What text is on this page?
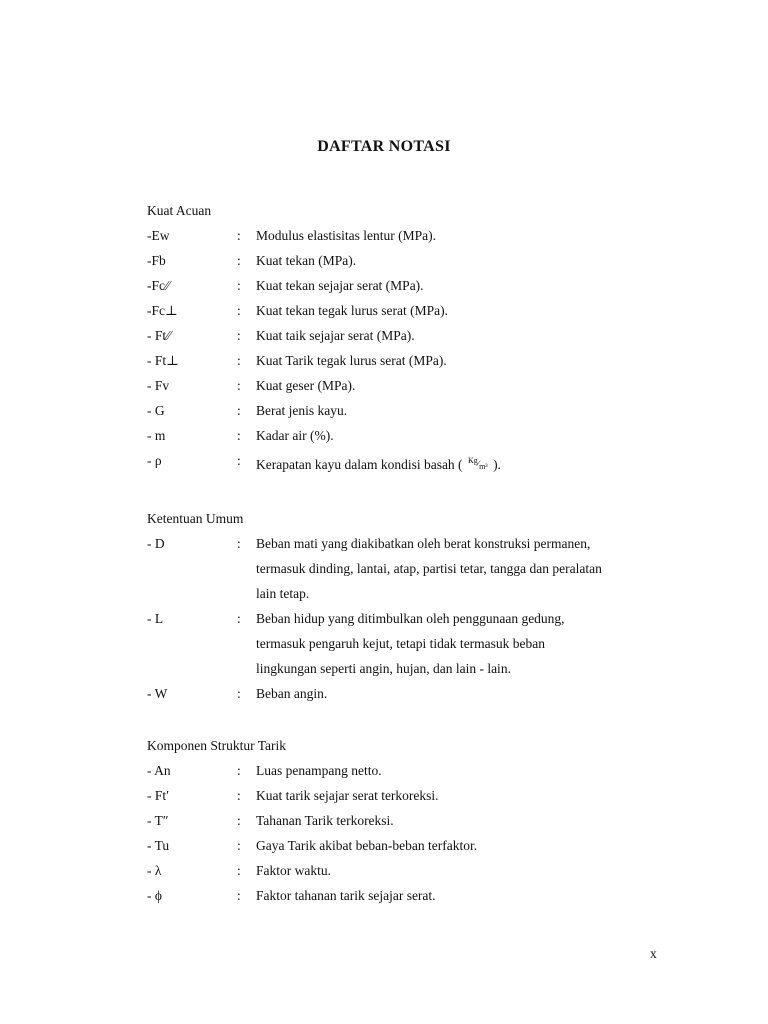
DAFTAR NOTASI
Kuat Acuan
-Ew	:	Modulus elastisitas lentur (MPa).
-Fb	:	Kuat tekan (MPa).
-Fc⁄⁄	:	Kuat tekan sejajar serat (MPa).
-Fc⊥	:	Kuat tekan tegak lurus serat (MPa).
- Ft⁄⁄	:	Kuat taik sejajar serat (MPa).
- Ft⊥	:	Kuat Tarik tegak lurus serat (MPa).
- Fv	:	Kuat geser (MPa).
- G	:	Berat jenis kayu.
- m	:	Kadar air (%).
- ρ	:	Kerapatan kayu dalam kondisi basah ( Kg⁄m³ ).
Ketentuan Umum
- D	:	Beban mati yang diakibatkan oleh berat konstruksi permanen,
termasuk dinding, lantai, atap, partisi tetar, tangga dan peralatan
lain tetap.
- L	:	Beban hidup yang ditimbulkan oleh penggunaan gedung,
termasuk pengaruh kejut, tetapi tidak termasuk beban
lingkungan seperti angin, hujan, dan lain - lain.
- W	:	Beban angin.
Komponen Struktur Tarik
- An	:	Luas penampang netto.
- Ft′	:	Kuat tarik sejajar serat terkoreksi.
- T″	:	Tahanan Tarik terkoreksi.
- Tu	:	Gaya Tarik akibat beban-beban terfaktor.
- λ	:	Faktor waktu.
- ϕ	:	Faktor tahanan tarik sejajar serat.
x
